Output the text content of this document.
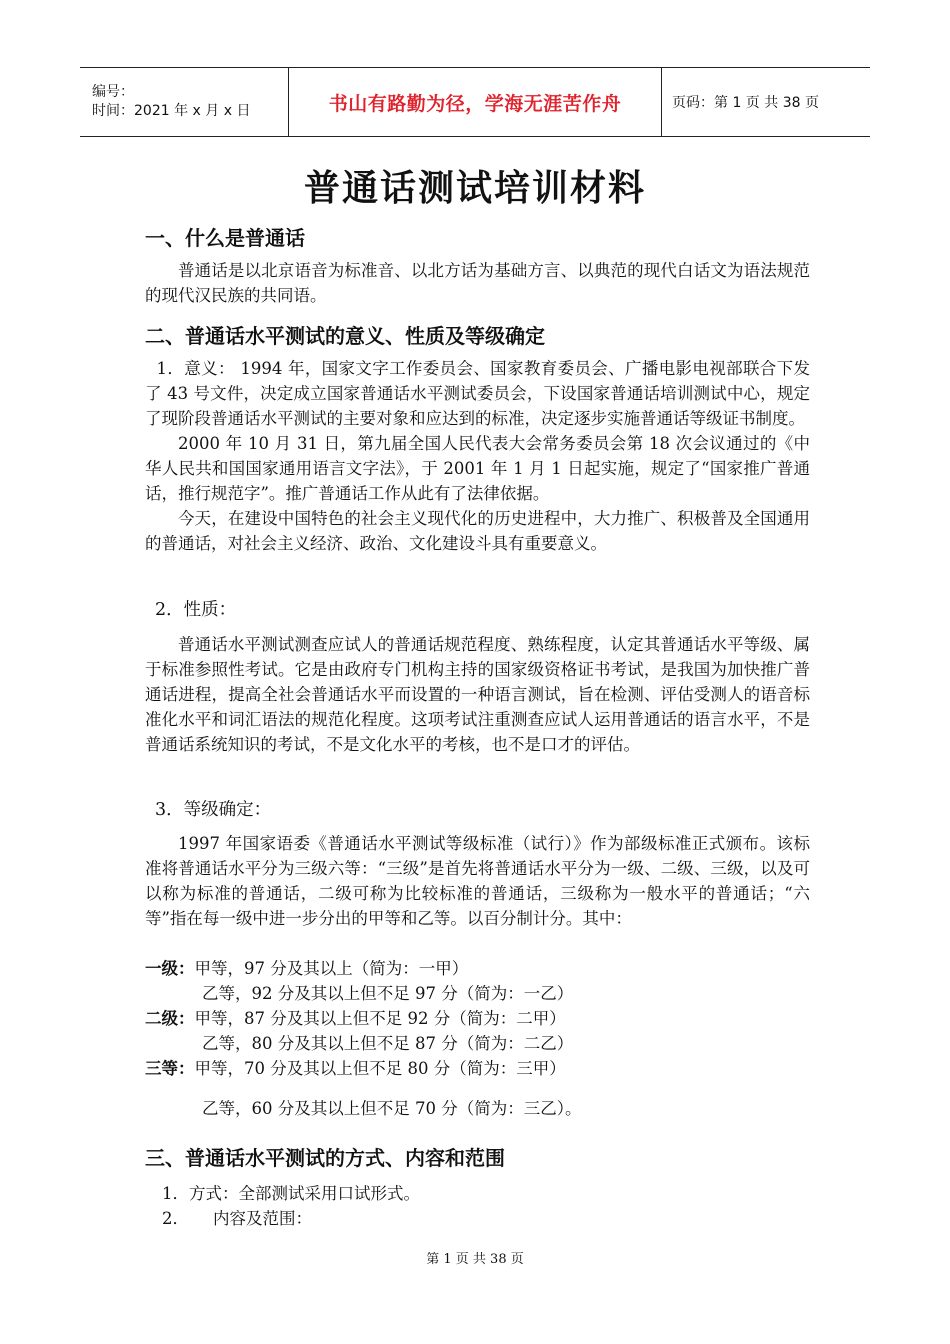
编号：
时间：2021 年 x 月 x 日	书山有路勤为径，学海无涯苦作舟	页码：第 1 页 共 38 页
普通话测试培训材料
一、什么是普通话

普通话是以北京语音为标准音、以北方话为基础方言、以典范的现代白话文为语法规范的现代汉民族的共同语。

二、普通话水平测试的意义、性质及等级确定

1．意义： 1994 年，国家文字工作委员会、国家教育委员会、广播电影电视部联合下发了 43 号文件，决定成立国家普通话水平测试委员会，下设国家普通话培训测试中心，规定了现阶段普通话水平测试的主要对象和应达到的标准，决定逐步实施普通话等级证书制度。

2000 年 10 月 31 日，第九届全国人民代表大会常务委员会第 18 次会议通过的《中华人民共和国国家通用语言文字法》，于 2001 年 1 月 1 日起实施，规定了“国家推广普通话，推行规范字”。推广普通话工作从此有了法律依据。

今天，在建设中国特色的社会主义现代化的历史进程中，大力推广、积极普及全国通用的普通话，对社会主义经济、政治、文化建设斗具有重要意义。

2．性质：

普通话水平测试测查应试人的普通话规范程度、熟练程度，认定其普通话水平等级、属于标准参照性考试。它是由政府专门机构主持的国家级资格证书考试，是我国为加快推广普通话进程，提高全社会普通话水平而设置的一种语言测试，旨在检测、评估受测人的语音标准化水平和词汇语法的规范化程度。这项考试注重测查应试人运用普通话的语言水平，不是普通话系统知识的考试，不是文化水平的考核，也不是口才的评估。

3．等级确定：

1997 年国家语委《普通话水平测试等级标准（试行）》作为部级标准正式颁布。该标准将普通话水平分为三级六等：“三级”是首先将普通话水平分为一级、二级、三级，以及可以称为标准的普通话，二级可称为比较标准的普通话，三级称为一般水平的普通话；“六等”指在每一级中进一步分出的甲等和乙等。以百分制计分。其中：

一级：甲等，97 分及其以上（简为：一甲）
乙等，92 分及其以上但不足 97 分（简为：一乙）
二级：甲等，87 分及其以上但不足 92 分（简为：二甲）
乙等，80 分及其以上但不足 87 分（简为：二乙）
三等：甲等，70 分及其以上但不足 80 分（简为：三甲）
乙等，60 分及其以上但不足 70 分（简为：三乙）。
三、普通话水平测试的方式、内容和范围
1．方式：全部测试采用口试形式。
2． 内容及范围：
第 1 页 共 38 页
